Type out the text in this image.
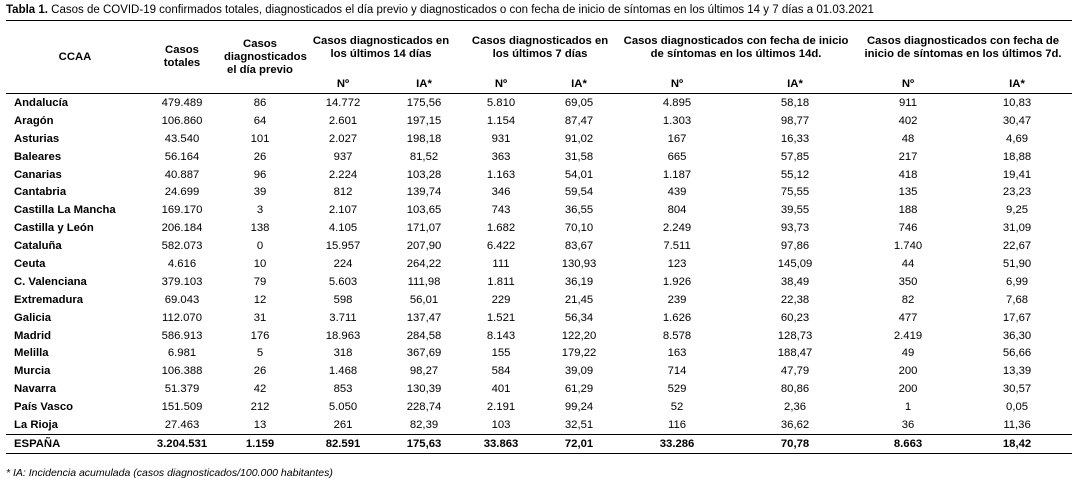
Tabla 1. Casos de COVID-19 confirmados totales, diagnosticados el día previo y diagnosticados o con fecha de inicio de síntomas en los últimos 14 y 7 días a 01.03.2021
CCAA	Casos totales	Casos diagnosticados el día previo	Casos diagnosticados en los últimos 14 días		Casos diagnosticados en los últimos 7 días		Casos diagnosticados con fecha de inicio de síntomas en los últimos 14d.		Casos diagnosticados con fecha de inicio de síntomas en los últimos 7d.	
			Nº	IA*	Nº	IA*	Nº	IA*	Nº	IA*
Andalucía	479.489	86	14.772	175,56	5.810	69,05	4.895	58,18	911	10,83
Aragón	106.860	64	2.601	197,15	1.154	87,47	1.303	98,77	402	30,47
Asturias	43.540	101	2.027	198,18	931	91,02	167	16,33	48	4,69
Baleares	56.164	26	937	81,52	363	31,58	665	57,85	217	18,88
Canarias	40.887	96	2.224	103,28	1.163	54,01	1.187	55,12	418	19,41
Cantabria	24.699	39	812	139,74	346	59,54	439	75,55	135	23,23
Castilla La Mancha	169.170	3	2.107	103,65	743	36,55	804	39,55	188	9,25
Castilla y León	206.184	138	4.105	171,07	1.682	70,10	2.249	93,73	746	31,09
Cataluña	582.073	0	15.957	207,90	6.422	83,67	7.511	97,86	1.740	22,67
Ceuta	4.616	10	224	264,22	111	130,93	123	145,09	44	51,90
C. Valenciana	379.103	79	5.603	111,98	1.811	36,19	1.926	38,49	350	6,99
Extremadura	69.043	12	598	56,01	229	21,45	239	22,38	82	7,68
Galicia	112.070	31	3.711	137,47	1.521	56,34	1.626	60,23	477	17,67
Madrid	586.913	176	18.963	284,58	8.143	122,20	8.578	128,73	2.419	36,30
Melilla	6.981	5	318	367,69	155	179,22	163	188,47	49	56,66
Murcia	106.388	26	1.468	98,27	584	39,09	714	47,79	200	13,39
Navarra	51.379	42	853	130,39	401	61,29	529	80,86	200	30,57
País Vasco	151.509	212	5.050	228,74	2.191	99,24	52	2,36	1	0,05
La Rioja	27.463	13	261	82,39	103	32,51	116	36,62	36	11,36
ESPAÑA	3.204.531	1.159	82.591	175,63	33.863	72,01	33.286	70,78	8.663	18,42
* IA: Incidencia acumulada (casos diagnosticados/100.000 habitantes)
